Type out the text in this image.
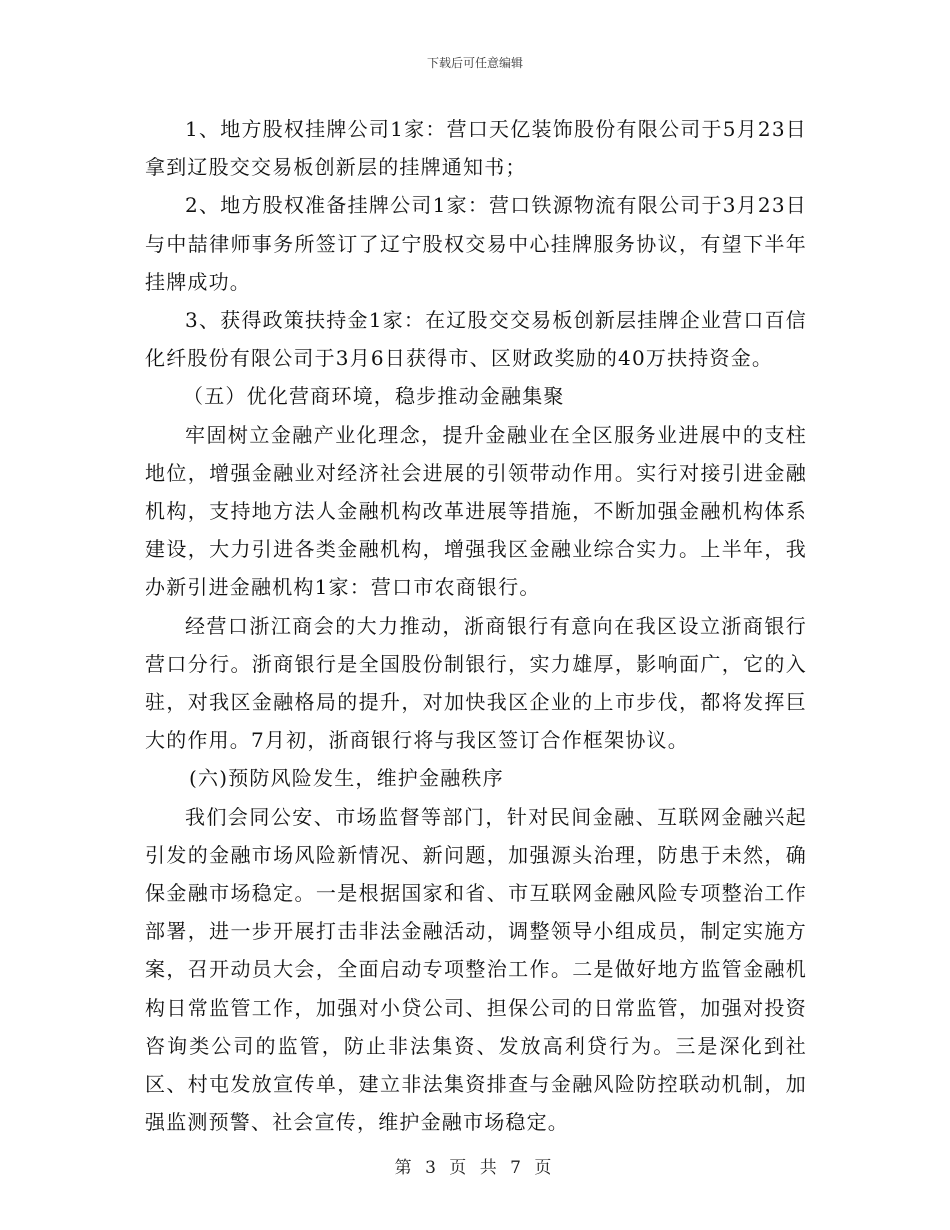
下载后可任意编辑

1、地方股权挂牌公司1家：营口天亿装饰股份有限公司于5月23日拿到辽股交交易板创新层的挂牌通知书；

2、地方股权准备挂牌公司1家：营口铁源物流有限公司于3月23日与中喆律师事务所签订了辽宁股权交易中心挂牌服务协议，有望下半年挂牌成功。

3、获得政策扶持金1家：在辽股交交易板创新层挂牌企业营口百信化纤股份有限公司于3月6日获得市、区财政奖励的40万扶持资金。

（五）优化营商环境，稳步推动金融集聚

牢固树立金融产业化理念，提升金融业在全区服务业进展中的支柱地位，增强金融业对经济社会进展的引领带动作用。实行对接引进金融机构，支持地方法人金融机构改革进展等措施，不断加强金融机构体系建设，大力引进各类金融机构，增强我区金融业综合实力。上半年，我办新引进金融机构1家：营口市农商银行。

经营口浙江商会的大力推动，浙商银行有意向在我区设立浙商银行营口分行。浙商银行是全国股份制银行，实力雄厚，影响面广，它的入驻，对我区金融格局的提升，对加快我区企业的上市步伐，都将发挥巨大的作用。7月初，浙商银行将与我区签订合作框架协议。

(六)预防风险发生，维护金融秩序

我们会同公安、市场监督等部门，针对民间金融、互联网金融兴起引发的金融市场风险新情况、新问题，加强源头治理，防患于未然，确保金融市场稳定。一是根据国家和省、市互联网金融风险专项整治工作部署，进一步开展打击非法金融活动，调整领导小组成员，制定实施方案，召开动员大会，全面启动专项整治工作。二是做好地方监管金融机构日常监管工作，加强对小贷公司、担保公司的日常监管，加强对投资咨询类公司的监管，防止非法集资、发放高利贷行为。三是深化到社区、村屯发放宣传单，建立非法集资排查与金融风险防控联动机制，加强监测预警、社会宣传，维护金融市场稳定。

第 3 页 共 7 页
